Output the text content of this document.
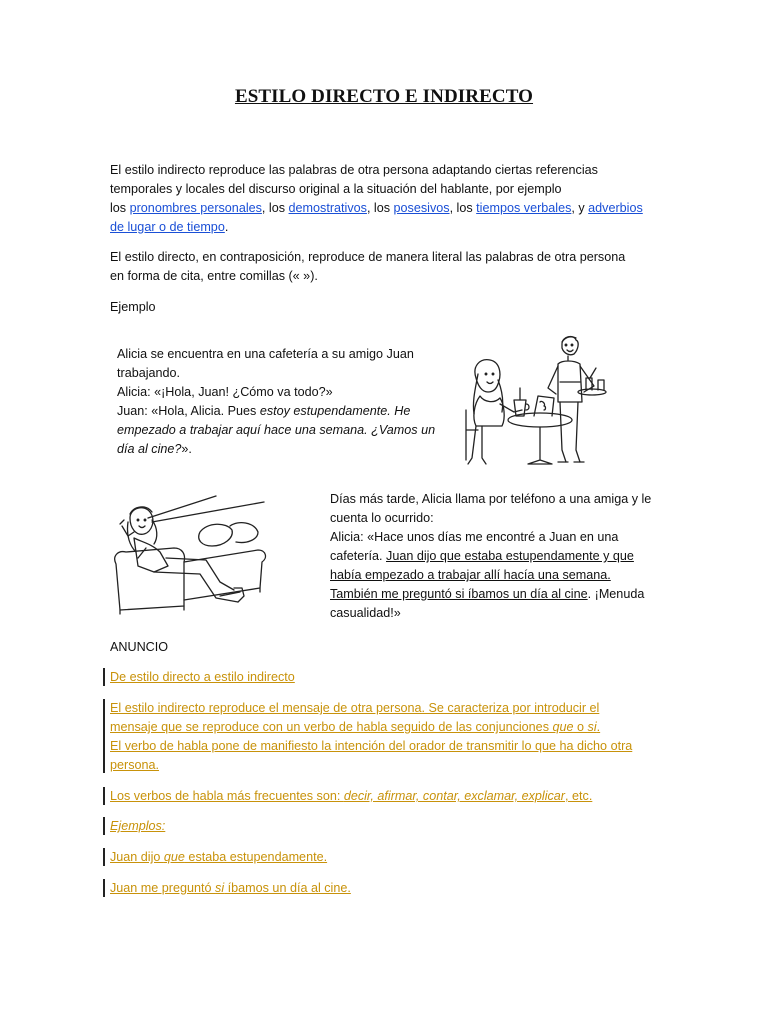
ESTILO DIRECTO E INDIRECTO
El estilo indirecto reproduce las palabras de otra persona adaptando ciertas referencias
temporales y locales del discurso original a la situación del hablante, por ejemplo
los pronombres personales, los demostrativos, los posesivos, los tiempos verbales, y adverbios
de lugar o de tiempo.
El estilo directo, en contraposición, reproduce de manera literal las palabras de otra persona
en forma de cita, entre comillas (« »).
Ejemplo
Alicia se encuentra en una cafetería a su amigo Juan
trabajando.
Alicia: «¡Hola, Juan! ¿Cómo va todo?»
Juan: «Hola, Alicia. Pues estoy estupendamente. He
empezado a trabajar aquí hace una semana. ¿Vamos un
día al cine?».
Días más tarde, Alicia llama por teléfono a una amiga y le
cuenta lo ocurrido:
Alicia: «Hace unos días me encontré a Juan en una
cafetería. Juan dijo que estaba estupendamente y que
había empezado a trabajar allí hacía una semana.
También me preguntó si íbamos un día al cine. ¡Menuda
casualidad!»
ANUNCIO
De estilo directo a estilo indirecto
El estilo indirecto reproduce el mensaje de otra persona. Se caracteriza por introducir el
mensaje que se reproduce con un verbo de habla seguido de las conjunciones que o si.
El verbo de habla pone de manifiesto la intención del orador de transmitir lo que ha dicho otra
persona.
Los verbos de habla más frecuentes son: decir, afirmar, contar, exclamar, explicar, etc.
Ejemplos:
Juan dijo que estaba estupendamente.
Juan me preguntó si íbamos un día al cine.
